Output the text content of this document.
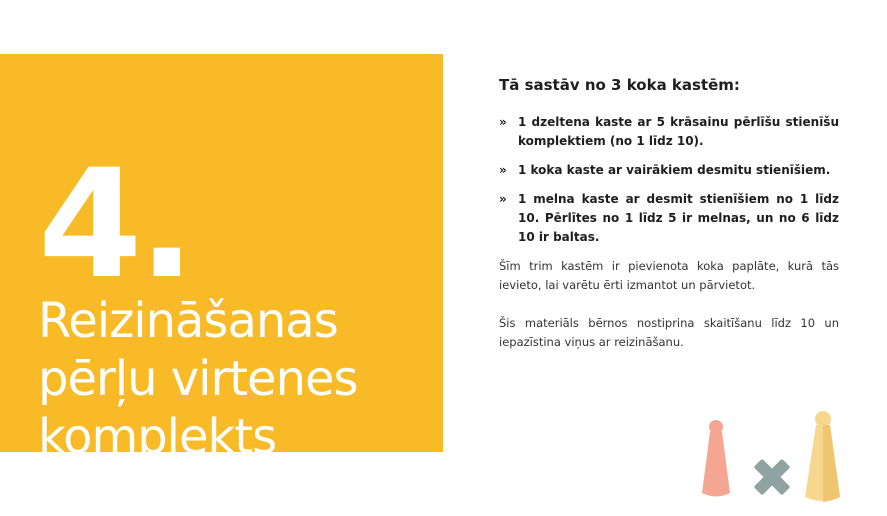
4.
Reizināšanas
pērļu virtenes
komplekts
Tā sastāv no 3 koka kastēm:
» 1 dzeltena kaste ar 5 krāsainu pērlīšu stienīšu komplektiem (no 1 līdz 10).
» 1 koka kaste ar vairākiem desmitu stienīšiem.
» 1 melna kaste ar desmit stienīšiem no 1 līdz 10. Pērlītes no 1 līdz 5 ir melnas, un no 6 līdz 10 ir baltas.

Šīm trim kastēm ir pievienota koka paplāte, kurā tās ievieto, lai varētu ērti izmantot un pārvietot.

Šis materiāls bērnos nostiprina skaitīšanu līdz 10 un iepazīstina viņus ar reizināšanu.
